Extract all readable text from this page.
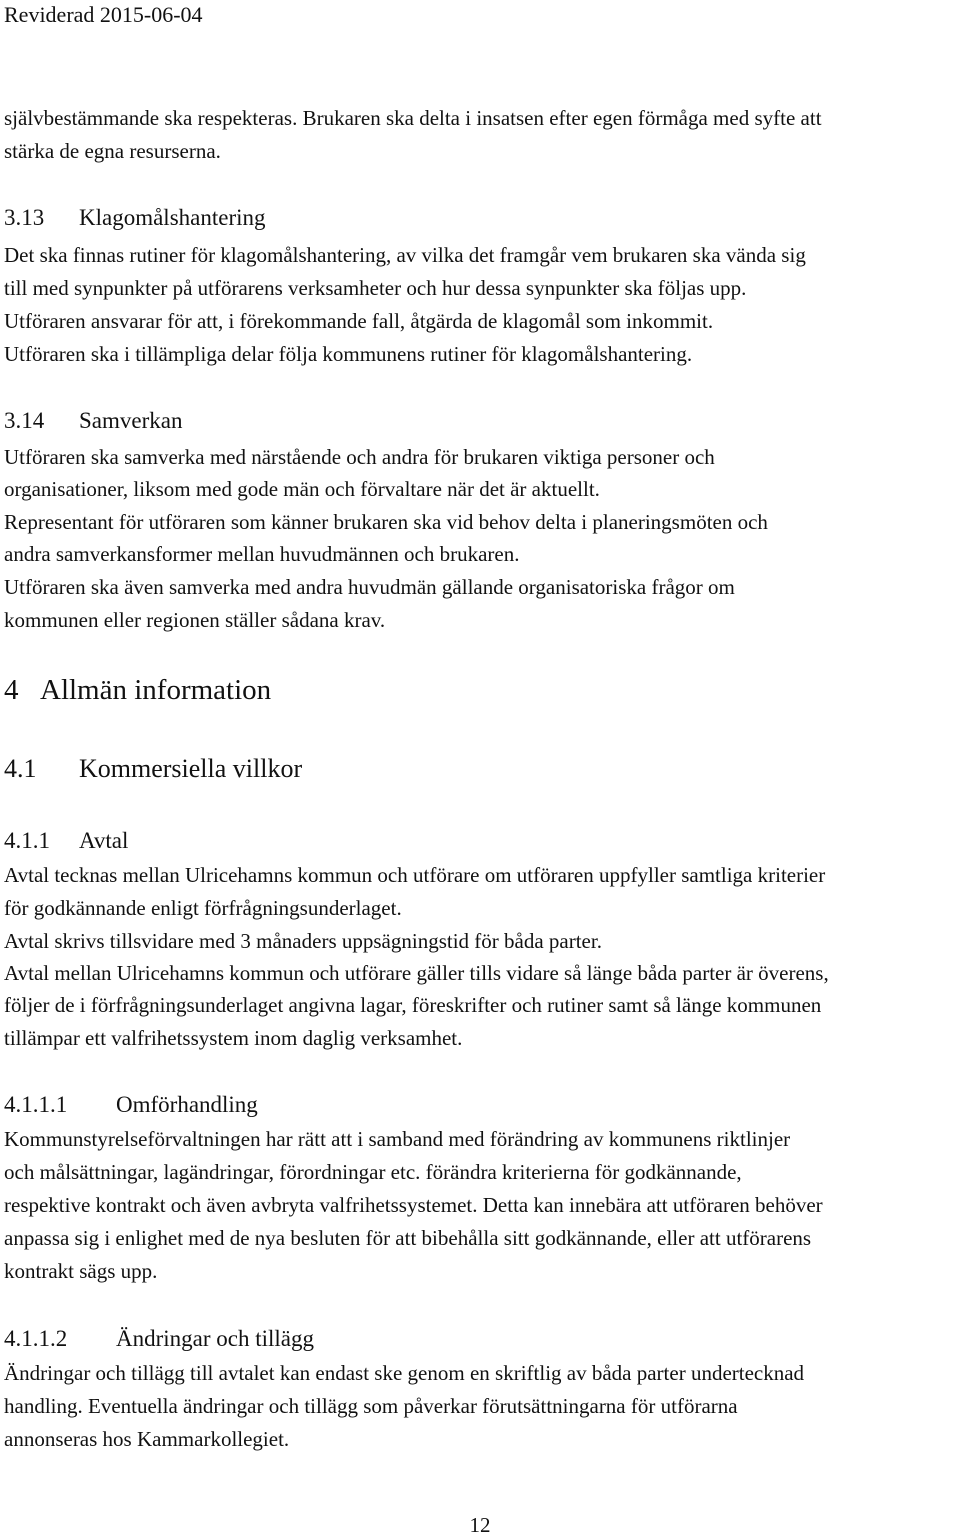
Reviderad 2015-06-04
självbestämmande ska respekteras. Brukaren ska delta i insatsen efter egen förmåga med syfte att
stärka de egna resurserna.
3.13 Klagomålshantering
Det ska finnas rutiner för klagomålshantering, av vilka det framgår vem brukaren ska vända sig
till med synpunkter på utförarens verksamheter och hur dessa synpunkter ska följas upp.
Utföraren ansvarar för att, i förekommande fall, åtgärda de klagomål som inkommit.
Utföraren ska i tillämpliga delar följa kommunens rutiner för klagomålshantering.
3.14 Samverkan
Utföraren ska samverka med närstående och andra för brukaren viktiga personer och
organisationer, liksom med gode män och förvaltare när det är aktuellt.
Representant för utföraren som känner brukaren ska vid behov delta i planeringsmöten och
andra samverkansformer mellan huvudmännen och brukaren.
Utföraren ska även samverka med andra huvudmän gällande organisatoriska frågor om
kommunen eller regionen ställer sådana krav.
4 Allmän information
4.1 Kommersiella villkor
4.1.1 Avtal
Avtal tecknas mellan Ulricehamns kommun och utförare om utföraren uppfyller samtliga kriterier
för godkännande enligt förfrågningsunderlaget.
Avtal skrivs tillsvidare med 3 månaders uppsägningstid för båda parter.
Avtal mellan Ulricehamns kommun och utförare gäller tills vidare så länge båda parter är överens,
följer de i förfrågningsunderlaget angivna lagar, föreskrifter och rutiner samt så länge kommunen
tillämpar ett valfrihetssystem inom daglig verksamhet.
4.1.1.1 Omförhandling
Kommunstyrelseförvaltningen har rätt att i samband med förändring av kommunens riktlinjer
och målsättningar, lagändringar, förordningar etc. förändra kriterierna för godkännande,
respektive kontrakt och även avbryta valfrihetssystemet. Detta kan innebära att utföraren behöver
anpassa sig i enlighet med de nya besluten för att bibehålla sitt godkännande, eller att utförarens
kontrakt sägs upp.
4.1.1.2 Ändringar och tillägg
Ändringar och tillägg till avtalet kan endast ske genom en skriftlig av båda parter undertecknad
handling. Eventuella ändringar och tillägg som påverkar förutsättningarna för utförarna
annonseras hos Kammarkollegiet.
12
